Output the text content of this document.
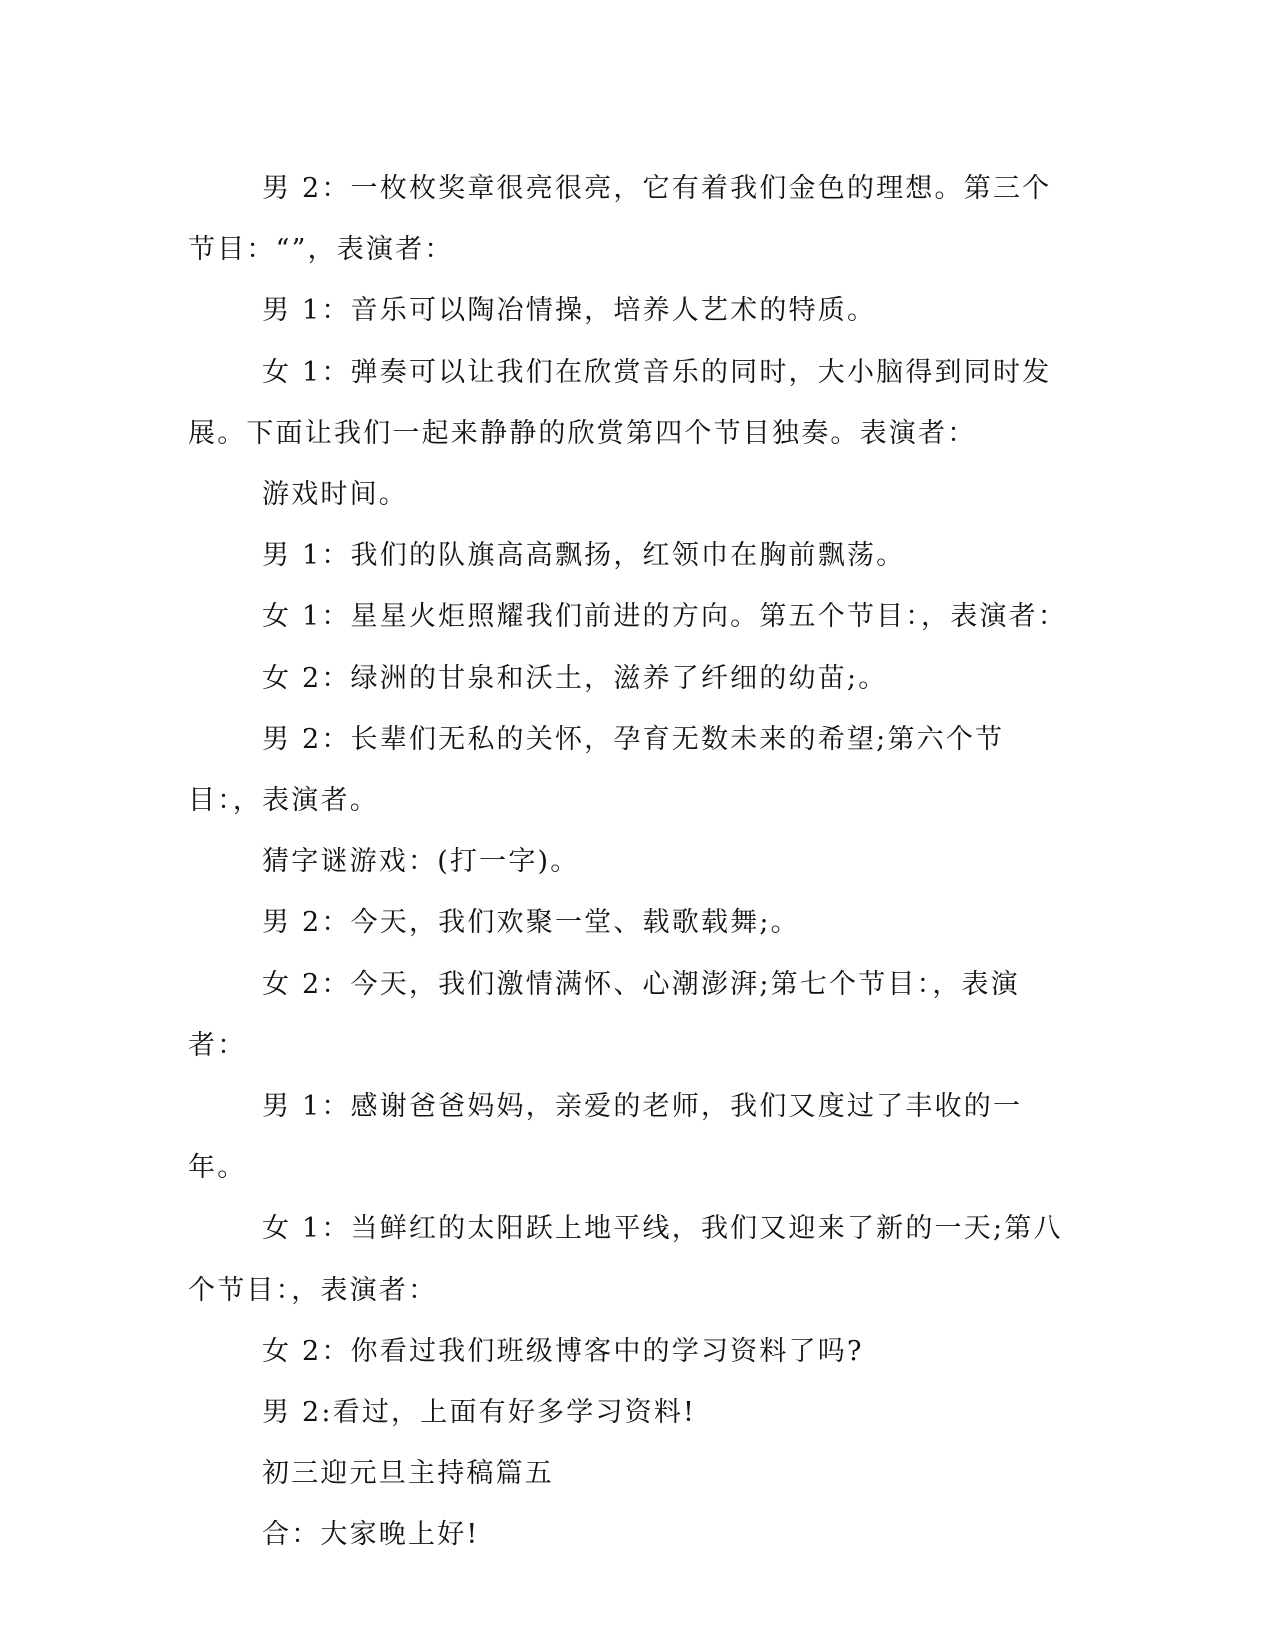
男 2：一枚枚奖章很亮很亮，它有着我们金色的理想。第三个节目：“”，表演者：

男 1：音乐可以陶冶情操，培养人艺术的特质。

女 1：弹奏可以让我们在欣赏音乐的同时，大小脑得到同时发展。下面让我们一起来静静的欣赏第四个节目独奏。表演者：

游戏时间。

男 1：我们的队旗高高飘扬，红领巾在胸前飘荡。

女 1：星星火炬照耀我们前进的方向。第五个节目：，表演者：

女 2：绿洲的甘泉和沃土，滋养了纤细的幼苗;。

男 2：长辈们无私的关怀，孕育无数未来的希望;第六个节目：，表演者。

猜字谜游戏：(打一字)。

男 2：今天，我们欢聚一堂、载歌载舞;。

女 2：今天，我们激情满怀、心潮澎湃;第七个节目：，表演者：

男 1：感谢爸爸妈妈，亲爱的老师，我们又度过了丰收的一年。

女 1：当鲜红的太阳跃上地平线，我们又迎来了新的一天;第八个节目：，表演者：

女 2：你看过我们班级博客中的学习资料了吗?

男 2:看过，上面有好多学习资料!

初三迎元旦主持稿篇五

合：大家晚上好!
